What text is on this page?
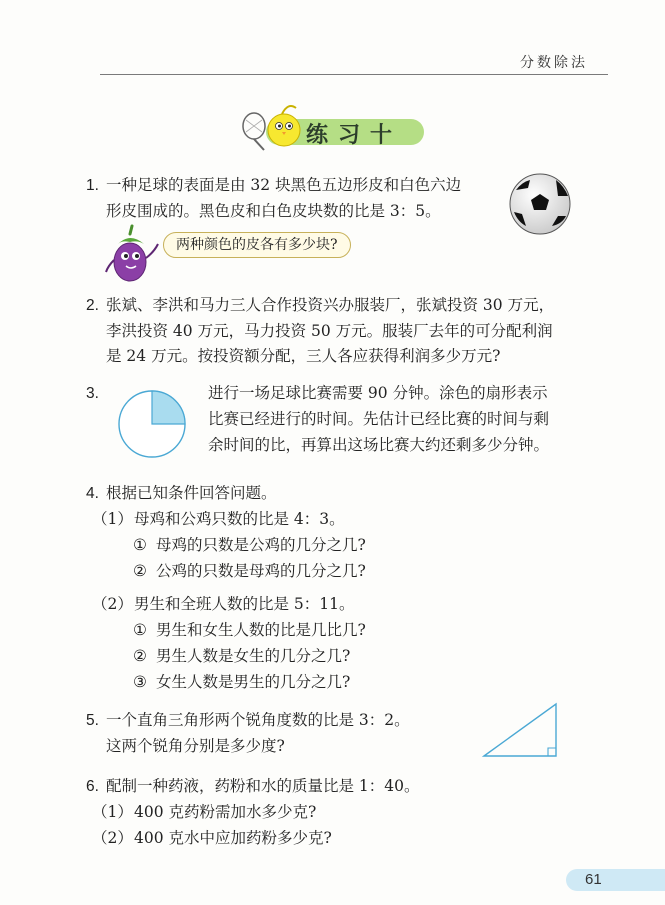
分数除法
练习十
1. 一种足球的表面是由 32 块黑色五边形皮和白色六边
形皮围成的。黑色皮和白色皮块数的比是 3：5。
两种颜色的皮各有多少块?
2. 张斌、李洪和马力三人合作投资兴办服装厂，张斌投资 30 万元，
李洪投资 40 万元，马力投资 50 万元。服装厂去年的可分配利润
是 24 万元。按投资额分配，三人各应获得利润多少万元?
3.	进行一场足球比赛需要 90 分钟。涂色的扇形表示
比赛已经进行的时间。先估计已经比赛的时间与剩
余时间的比，再算出这场比赛大约还剩多少分钟。
4. 根据已知条件回答问题。
（1） 母鸡和公鸡只数的比是 4：3。
① 母鸡的只数是公鸡的几分之几?
② 公鸡的只数是母鸡的几分之几?
（2） 男生和全班人数的比是 5：11。
① 男生和女生人数的比是几比几?
② 男生人数是女生的几分之几?
③ 女生人数是男生的几分之几?
5. 一个直角三角形两个锐角度数的比是 3：2。
这两个锐角分别是多少度?
6. 配制一种药液，药粉和水的质量比是 1：40。
（1） 400 克药粉需加水多少克?
（2） 400 克水中应加药粉多少克?
61
